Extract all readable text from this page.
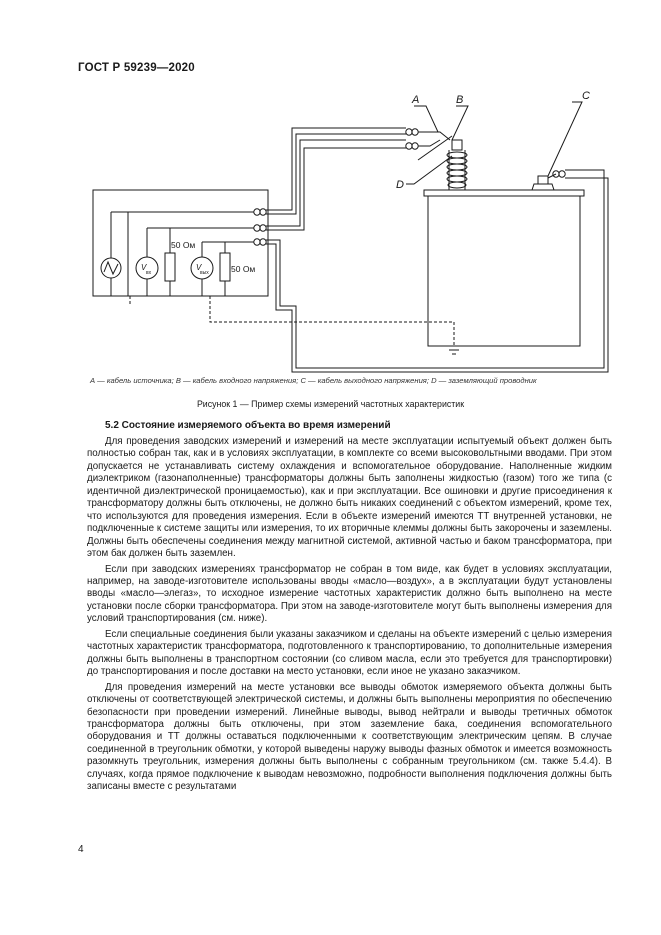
ГОСТ Р 59239—2020
А	В	С
D
50 Ом
50 Ом
V
вх
V
вых
А — кабель источника; В — кабель входного напряжения; С — кабель выходного напряжения; D — заземляющий проводник
Рисунок 1 — Пример схемы измерений частотных характеристик
5.2 Состояние измеряемого объекта во время измерений

Для проведения заводских измерений и измерений на месте эксплуатации испытуемый объект должен быть полностью собран так, как и в условиях эксплуатации, в комплекте со всеми высоковольтными вводами. При этом допускается не устанавливать систему охлаждения и вспомогательное оборудование. Наполненные жидким диэлектриком (газонаполненные) трансформаторы должны быть заполнены жидкостью (газом) того же типа (с идентичной диэлектрической проницаемостью), как и при эксплуатации. Все ошиновки и другие присоединения к трансформатору должны быть отключены, не должно быть никаких соединений с объектом измерений, кроме тех, что используются для проведения измерения. Если в объекте измерений имеются ТТ внутренней установки, не подключенные к системе защиты или измерения, то их вторичные клеммы должны быть закорочены и заземлены. Должны быть обеспечены соединения между магнитной системой, активной частью и баком трансформатора, при этом бак должен быть заземлен.

Если при заводских измерениях трансформатор не собран в том виде, как будет в условиях эксплуатации, например, на заводе-изготовителе использованы вводы «масло—воздух», а в эксплуатации будут установлены вводы «масло—элегаз», то исходное измерение частотных характеристик должно быть выполнено на месте установки после сборки трансформатора. При этом на заводе-изготовителе могут быть выполнены измерения для условий транспортирования (см. ниже).

Если специальные соединения были указаны заказчиком и сделаны на объекте измерений с целью измерения частотных характеристик трансформатора, подготовленного к транспортированию, то дополнительные измерения должны быть выполнены в транспортном состоянии (со сливом масла, если это требуется для транспортировки) до транспортирования и после доставки на место установки, если иное не указано заказчиком.

Для проведения измерений на месте установки все выводы обмоток измеряемого объекта должны быть отключены от соответствующей электрической системы, и должны быть выполнены мероприятия по обеспечению безопасности при проведении измерений. Линейные выводы, вывод нейтрали и выводы третичных обмоток трансформатора должны быть отключены, при этом заземление бака, соединения вспомогательного оборудования и ТТ должны оставаться подключенными к соответствующим электрическим цепям. В случае соединенной в треугольник обмотки, у которой выведены наружу выводы фазных обмоток и имеется возможность разомкнуть треугольник, измерения должны быть выполнены с собранным треугольником (см. также 5.4.4). В случаях, когда прямое подключение к выводам невозможно, подробности выполнения подключения должны быть записаны вместе с результатами

4
